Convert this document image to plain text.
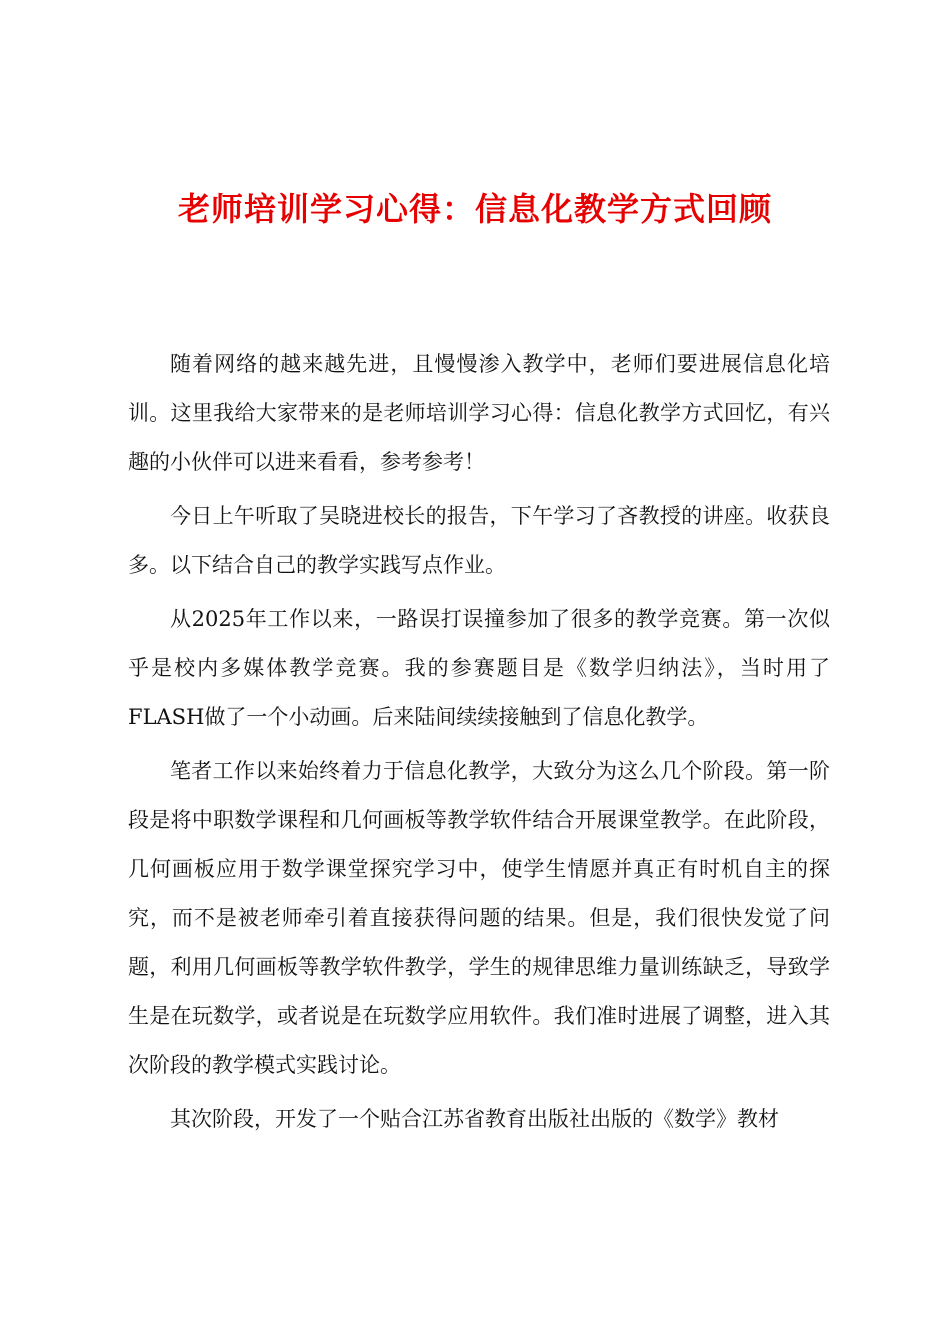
老师培训学习心得：信息化教学方式回顾

随着网络的越来越先进，且慢慢渗入教学中，老师们要进展信息化培训。这里我给大家带来的是老师培训学习心得：信息化教学方式回忆，有兴趣的小伙伴可以进来看看，参考参考！

今日上午听取了吴晓进校长的报告，下午学习了吝教授的讲座。收获良多。以下结合自己的教学实践写点作业。

从2025年工作以来，一路误打误撞参加了很多的教学竞赛。第一次似乎是校内多媒体教学竞赛。我的参赛题目是《数学归纳法》，当时用了FLASH做了一个小动画。后来陆间续续接触到了信息化教学。

笔者工作以来始终着力于信息化教学，大致分为这么几个阶段。第一阶段是将中职数学课程和几何画板等教学软件结合开展课堂教学。在此阶段，几何画板应用于数学课堂探究学习中，使学生情愿并真正有时机自主的探究，而不是被老师牵引着直接获得问题的结果。但是，我们很快发觉了问题，利用几何画板等教学软件教学，学生的规律思维力量训练缺乏，导致学生是在玩数学，或者说是在玩数学应用软件。我们准时进展了调整，进入其次阶段的教学模式实践讨论。

其次阶段，开发了一个贴合江苏省教育出版社出版的《数学》教材
